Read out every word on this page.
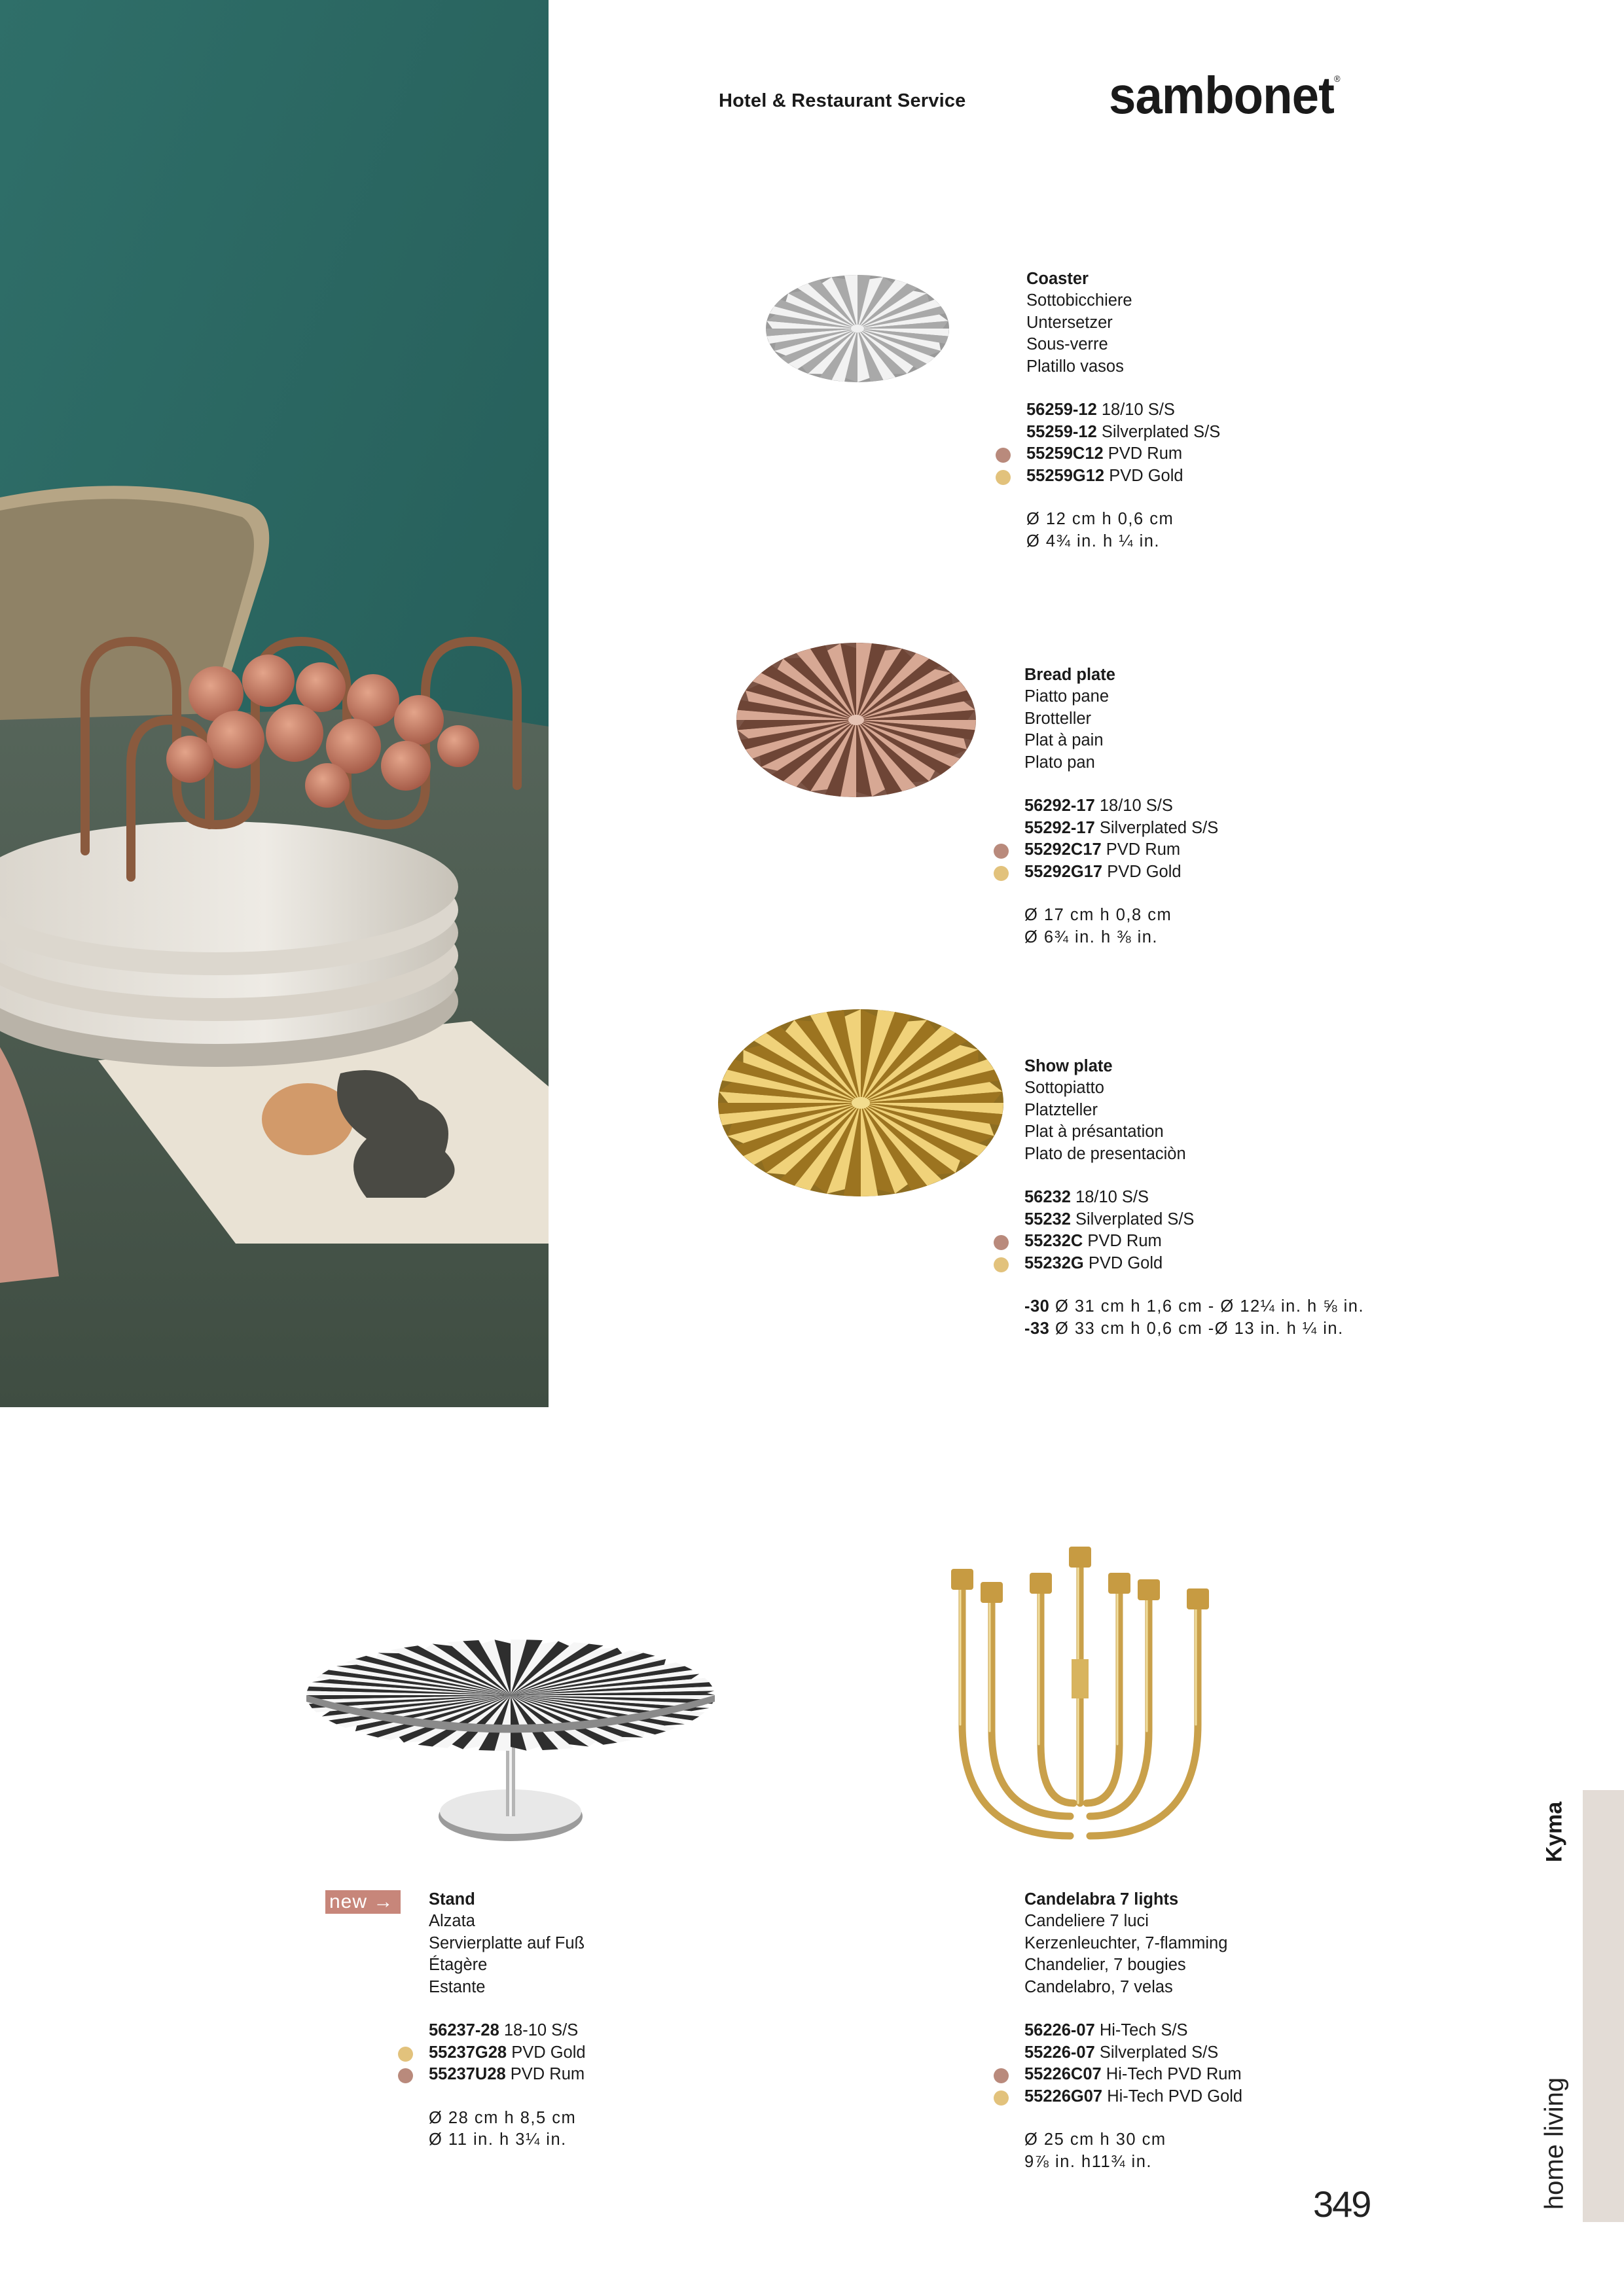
Hotel & Restaurant Service	sambonet®
Coaster
Sottobicchiere
Untersetzer
Sous-verre
Platillo vasos
56259-12 18/10 S/S
55259-12 Silverplated S/S
55259C12 PVD Rum
55259G12 PVD Gold
Ø 12 cm h 0,6 cm
Ø 4¾ in. h ¼ in.
Bread plate
Piatto pane
Brotteller
Plat à pain
Plato pan
56292-17 18/10 S/S
55292-17 Silverplated S/S
55292C17 PVD Rum
55292G17 PVD Gold
Ø 17 cm h 0,8 cm
Ø 6¾ in. h ⅜ in.
Show plate
Sottopiatto
Platzteller
Plat à présantation
Plato de presentaciòn
56232 18/10 S/S
55232 Silverplated S/S
55232C PVD Rum
55232G PVD Gold
-30 Ø 31 cm h 1,6 cm - Ø 12¼ in. h ⅝ in.
-33 Ø 33 cm h 0,6 cm -Ø 13 in. h ¼ in.
new →	Stand
Alzata
Servierplatte auf Fuß
Étagère
Estante
56237-28 18-10 S/S
55237G28 PVD Gold
55237U28 PVD Rum
Ø 28 cm h 8,5 cm
Ø 11 in. h 3¼ in.
Candelabra 7 lights
Candeliere 7 luci
Kerzenleuchter, 7-flamming
Chandelier, 7 bougies
Candelabro, 7 velas
56226-07 Hi-Tech S/S
55226-07 Silverplated S/S
55226C07 Hi-Tech PVD Rum
55226G07 Hi-Tech PVD Gold
Ø 25 cm h 30 cm
9⅞ in. h11¾ in.
Kyma
home living
349
